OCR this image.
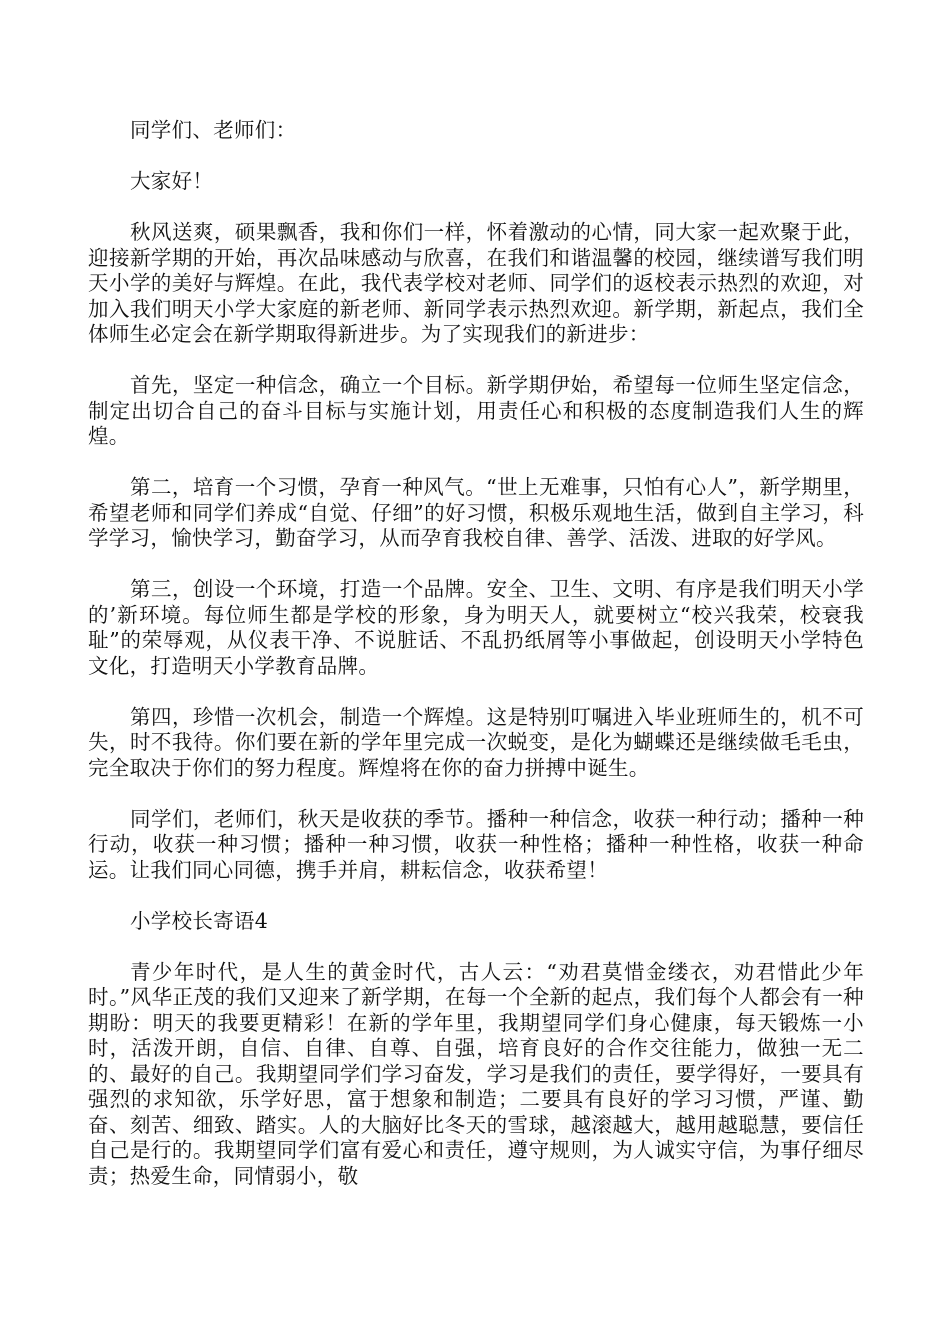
同学们、老师们：

大家好！

秋风送爽，硕果飘香，我和你们一样，怀着激动的心情，同大家一起欢聚于此，迎接新学期的开始，再次品味感动与欣喜，在我们和谐温馨的校园，继续谱写我们明天小学的美好与辉煌。在此，我代表学校对老师、同学们的返校表示热烈的欢迎，对加入我们明天小学大家庭的新老师、新同学表示热烈欢迎。新学期，新起点，我们全体师生必定会在新学期取得新进步。为了实现我们的新进步：

首先，坚定一种信念，确立一个目标。新学期伊始，希望每一位师生坚定信念，制定出切合自己的奋斗目标与实施计划，用责任心和积极的态度制造我们人生的辉煌。

第二，培育一个习惯，孕育一种风气。“世上无难事，只怕有心人”，新学期里，希望老师和同学们养成“自觉、仔细”的好习惯，积极乐观地生活，做到自主学习，科学学习，愉快学习，勤奋学习，从而孕育我校自律、善学、活泼、进取的好学风。

第三，创设一个环境，打造一个品牌。安全、卫生、文明、有序是我们明天小学的’新环境。每位师生都是学校的形象，身为明天人，就要树立“校兴我荣，校衰我耻”的荣辱观，从仪表干净、不说脏话、不乱扔纸屑等小事做起，创设明天小学特色文化，打造明天小学教育品牌。

第四，珍惜一次机会，制造一个辉煌。这是特别叮嘱进入毕业班师生的，机不可失，时不我待。你们要在新的学年里完成一次蜕变，是化为蝴蝶还是继续做毛毛虫，完全取决于你们的努力程度。辉煌将在你的奋力拼搏中诞生。

同学们，老师们，秋天是收获的季节。播种一种信念，收获一种行动；播种一种行动，收获一种习惯；播种一种习惯，收获一种性格；播种一种性格，收获一种命运。让我们同心同德，携手并肩，耕耘信念，收获希望！

小学校长寄语4

青少年时代，是人生的黄金时代，古人云：“劝君莫惜金缕衣，劝君惜此少年时。”风华正茂的我们又迎来了新学期，在每一个全新的起点，我们每个人都会有一种期盼：明天的我要更精彩！在新的学年里，我期望同学们身心健康，每天锻炼一小时，活泼开朗，自信、自律、自尊、自强，培育良好的合作交往能力，做独一无二的、最好的自己。我期望同学们学习奋发，学习是我们的责任，要学得好，一要具有强烈的求知欲，乐学好思，富于想象和制造；二要具有良好的学习习惯，严谨、勤奋、刻苦、细致、踏实。人的大脑好比冬天的雪球，越滚越大，越用越聪慧，要信任自己是行的。我期望同学们富有爱心和责任，遵守规则，为人诚实守信，为事仔细尽责；热爱生命，同情弱小，敬
